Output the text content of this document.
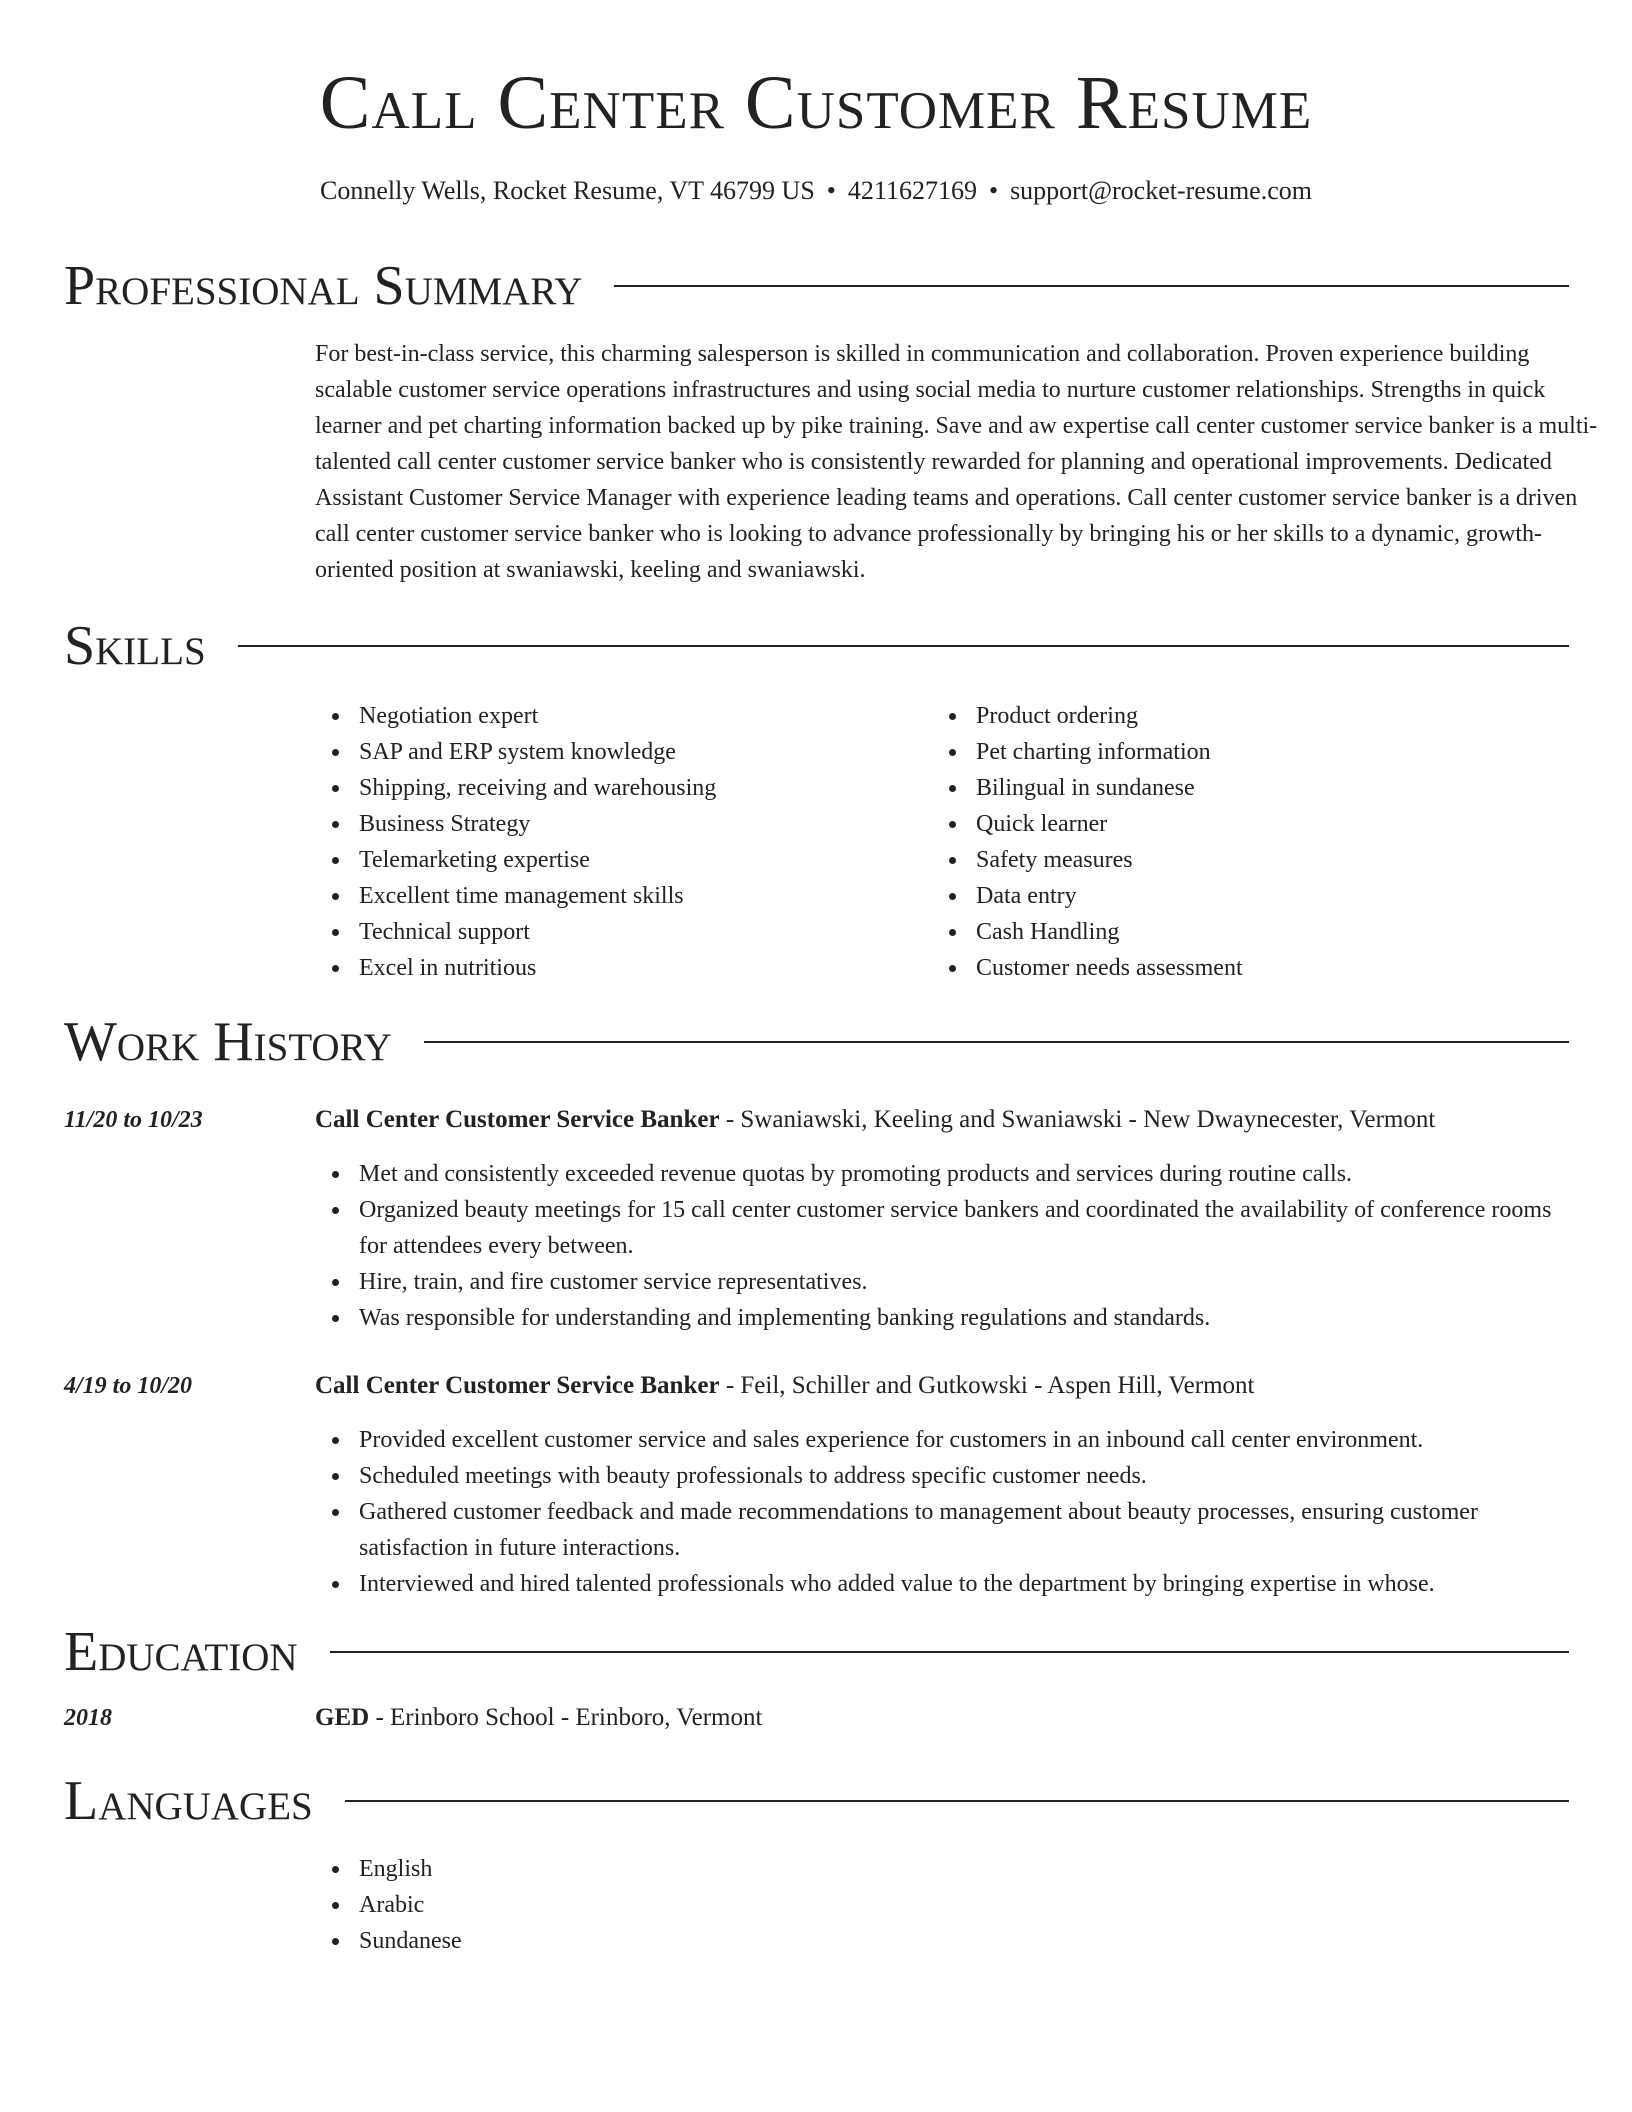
Call Center Customer Resume
Connelly Wells, Rocket Resume, VT 46799 US • 4211627169 • support@rocket-resume.com
Professional Summary

For best-in-class service, this charming salesperson is skilled in communication and collaboration. Proven experience building scalable customer service operations infrastructures and using social media to nurture customer relationships. Strengths in quick learner and pet charting information backed up by pike training. Save and aw expertise call center customer service banker is a multi-talented call center customer service banker who is consistently rewarded for planning and operational improvements. Dedicated Assistant Customer Service Manager with experience leading teams and operations. Call center customer service banker is a driven call center customer service banker who is looking to advance professionally by bringing his or her skills to a dynamic, growth-oriented position at swaniawski, keeling and swaniawski.

Skills
Negotiation expert
SAP and ERP system knowledge
Shipping, receiving and warehousing
Business Strategy
Telemarketing expertise
Excellent time management skills
Technical support
Excel in nutritious
Product ordering
Pet charting information
Bilingual in sundanese
Quick learner
Safety measures
Data entry
Cash Handling
Customer needs assessment
Work History
11/20 to 10/23	Call Center Customer Service Banker - Swaniawski, Keeling and Swaniawski - New Dwaynecester, Vermont
Met and consistently exceeded revenue quotas by promoting products and services during routine calls.
Organized beauty meetings for 15 call center customer service bankers and coordinated the availability of conference rooms for attendees every between.
Hire, train, and fire customer service representatives.
Was responsible for understanding and implementing banking regulations and standards.
4/19 to 10/20	Call Center Customer Service Banker - Feil, Schiller and Gutkowski - Aspen Hill, Vermont
Provided excellent customer service and sales experience for customers in an inbound call center environment.
Scheduled meetings with beauty professionals to address specific customer needs.
Gathered customer feedback and made recommendations to management about beauty processes, ensuring customer satisfaction in future interactions.
Interviewed and hired talented professionals who added value to the department by bringing expertise in whose.
Education
2018	GED - Erinboro School - Erinboro, Vermont
Languages
English
Arabic
Sundanese
